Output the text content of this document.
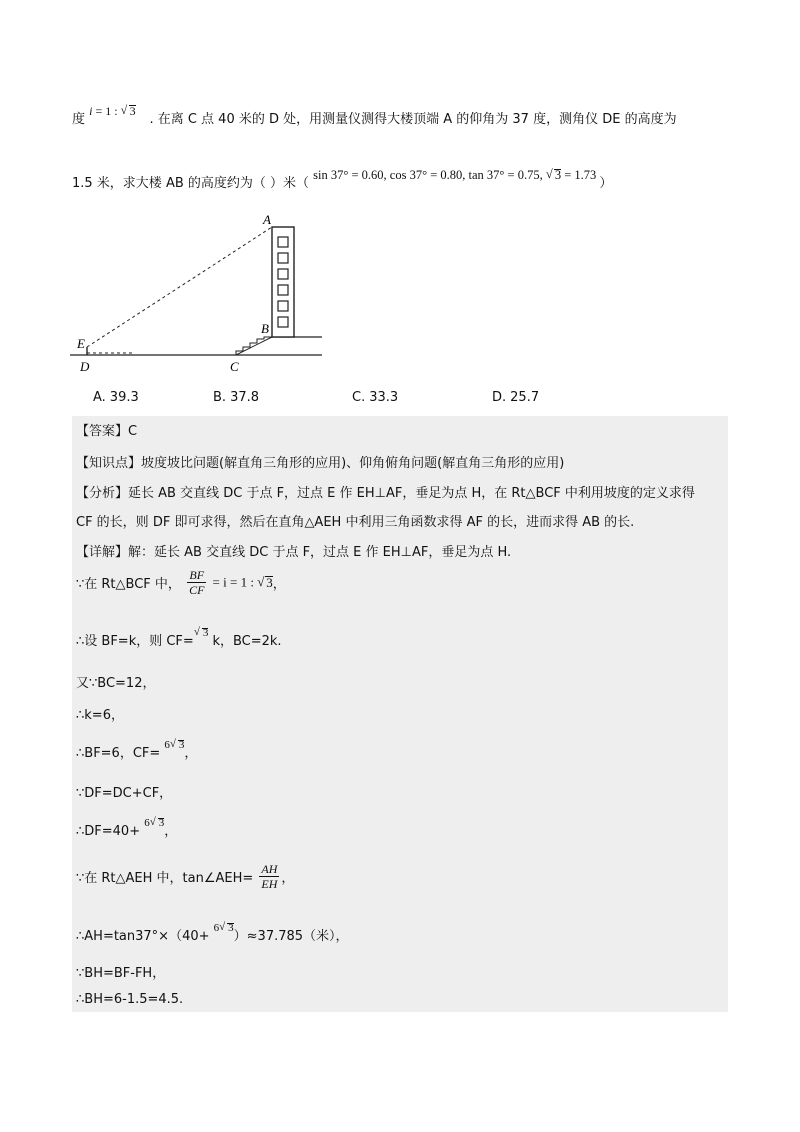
度 i = 1 : √ 3 . 在离 C 点 40 米的 D 处，用测量仪测得大楼顶端 A 的仰角为 37 度，测角仪 DE 的高度为
1.5 米，求大楼 AB 的高度约为（ ）米（ sin 37° = 0.60, cos 37° = 0.80, tan 37° = 0.75, √ 3 = 1.73 ）
A
B
C
D
E
A. 39.3	B. 37.8	C. 33.3	D. 25.7
【答案】C
【知识点】坡度坡比问题(解直角三角形的应用)、仰角俯角问题(解直角三角形的应用)
【分析】延长 AB 交直线 DC 于点 F，过点 E 作 EH⊥AF，垂足为点 H，在 Rt△BCF 中利用坡度的定义求得
CF 的长，则 DF 即可求得，然后在直角△AEH 中利用三角函数求得 AF 的长，进而求得 AB 的长.
【详解】解：延长 AB 交直线 DC 于点 F，过点 E 作 EH⊥AF，垂足为点 H.
∵在 Rt△BCF 中， $\frac{BF}{CF} = i = 1$ : √ 3，
∴设 BF=k，则 CF=√ 3 k，BC=2k.
又∵BC=12，
∴k=6，
∴BF=6，CF= $^{6 √ 3}$，
∵DF=DC+CF，
∴DF=40+ $^{6 √ 3}$，
∵在 Rt△AEH 中，tan∠AEH= $\frac{AH}{EH}$ ，
∴AH=tan37°×（40+ $^{6 √ 3}$）≈37.785（米），
∵BH=BF-FH，
∴BH=6-1.5=4.5.
